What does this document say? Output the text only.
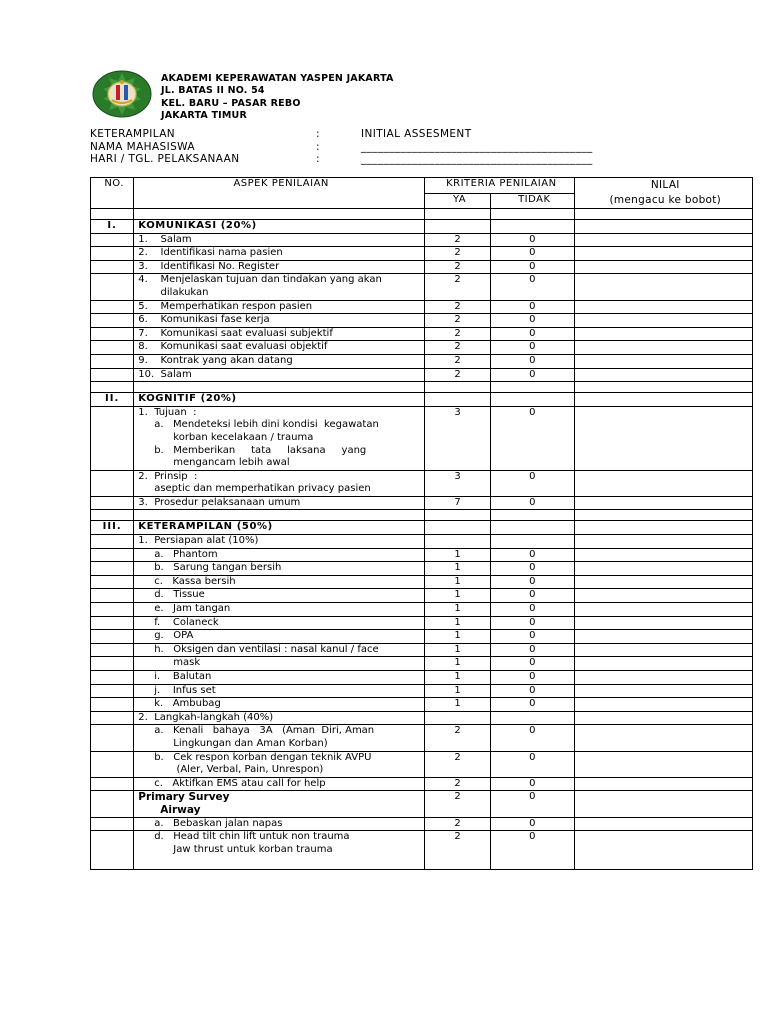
AKADEMI KEPERAWATAN YASPEN JAKARTA
JL. BATAS II NO. 54
KEL. BARU – PASAR REBO
JAKARTA TIMUR
KETERAMPILAN	:	INITIAL ASSESMENT
NAMA MAHASISWA	:	_________________________________________
HARI / TGL. PELAKSANAAN	:	_________________________________________
NO.	ASPEK PENILAIAN	KRITERIA PENILAIAN		NILAI
(mengacu ke bobot)

		YA	TIDAK	

I.	KOMUNIKASI (20%)			

	1.    Salam	2	0	

	2.    Identifikasi nama pasien	2	0	

	3.    Identifikasi No. Register	2	0	

	4.    Menjelaskan tujuan dan tindakan yang akan
dilakukan	2	0	

	5.    Memperhatikan respon pasien	2	0	

	6.    Komunikasi fase kerja	2	0	

	7.    Komunikasi saat evaluasi subjektif	2	0	

	8.    Komunikasi saat evaluasi objektif	2	0	

	9.    Kontrak yang akan datang	2	0	

	10.  Salam	2	0	

II.	KOGNITIF (20%)			

	1.  Tujuan  :
a.   Mendeteksi lebih dini kondisi  kegawatan
korban kecelakaan / trauma
b.   Memberikan     tata     laksana     yang
mengancam lebih awal	3	0	

	2.  Prinsip  :
aseptic dan memperhatikan privacy pasien	3	0	

	3.  Prosedur pelaksanaan umum	7	0	

III.	KETERAMPILAN (50%)			

	1.  Persiapan alat (10%)			

	a.   Phantom	1	0	

	b.   Sarung tangan bersih	1	0	

	c.   Kassa bersih	1	0	

	d.   Tissue	1	0	

	e.   Jam tangan	1	0	

	f.    Colaneck	1	0	

	g.   OPA	1	0	

	h.   Oksigen dan ventilasi : nasal kanul / face	1	0	

	mask	1	0	

	i.    Balutan	1	0	

	j.    Infus set	1	0	

	k.   Ambubag	1	0	

	2.  Langkah-langkah (40%)			

	a.   Kenali   bahaya   3A   (Aman  Diri, Aman
Lingkungan dan Aman Korban)	2	0	

	b.   Cek respon korban dengan teknik AVPU
(Aler, Verbal, Pain, Unrespon)	2	0	

	c.   Aktifkan EMS atau call for help	2	0	

	Primary Survey
Airway	2	0	

	a.   Bebaskan jalan napas	2	0	

	d.   Head tilt chin lift untuk non trauma
Jaw thrust untuk korban trauma	2	0	
